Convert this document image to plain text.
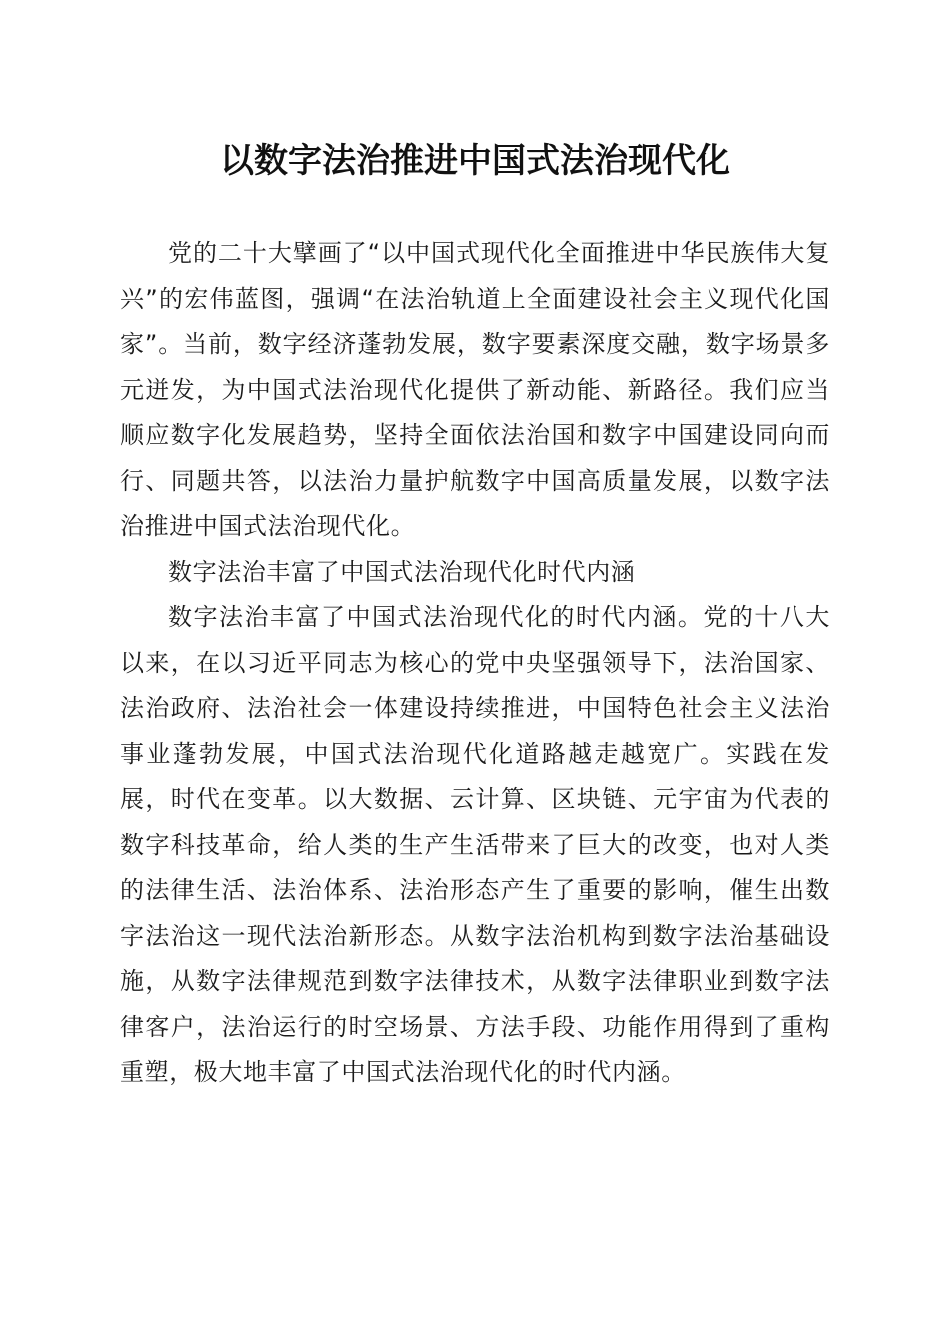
以数字法治推进中国式法治现代化

党的二十大擘画了“以中国式现代化全面推进中华民族伟大复兴”的宏伟蓝图，强调“在法治轨道上全面建设社会主义现代化国家”。当前，数字经济蓬勃发展，数字要素深度交融，数字场景多元迸发，为中国式法治现代化提供了新动能、新路径。我们应当顺应数字化发展趋势，坚持全面依法治国和数字中国建设同向而行、同题共答，以法治力量护航数字中国高质量发展，以数字法治推进中国式法治现代化。

数字法治丰富了中国式法治现代化时代内涵

数字法治丰富了中国式法治现代化的时代内涵。党的十八大以来，在以习近平同志为核心的党中央坚强领导下，法治国家、法治政府、法治社会一体建设持续推进，中国特色社会主义法治事业蓬勃发展，中国式法治现代化道路越走越宽广。实践在发展，时代在变革。以大数据、云计算、区块链、元宇宙为代表的数字科技革命，给人类的生产生活带来了巨大的改变，也对人类的法律生活、法治体系、法治形态产生了重要的影响，催生出数字法治这一现代法治新形态。从数字法治机构到数字法治基础设施，从数字法律规范到数字法律技术，从数字法律职业到数字法律客户，法治运行的时空场景、方法手段、功能作用得到了重构重塑，极大地丰富了中国式法治现代化的时代内涵。
